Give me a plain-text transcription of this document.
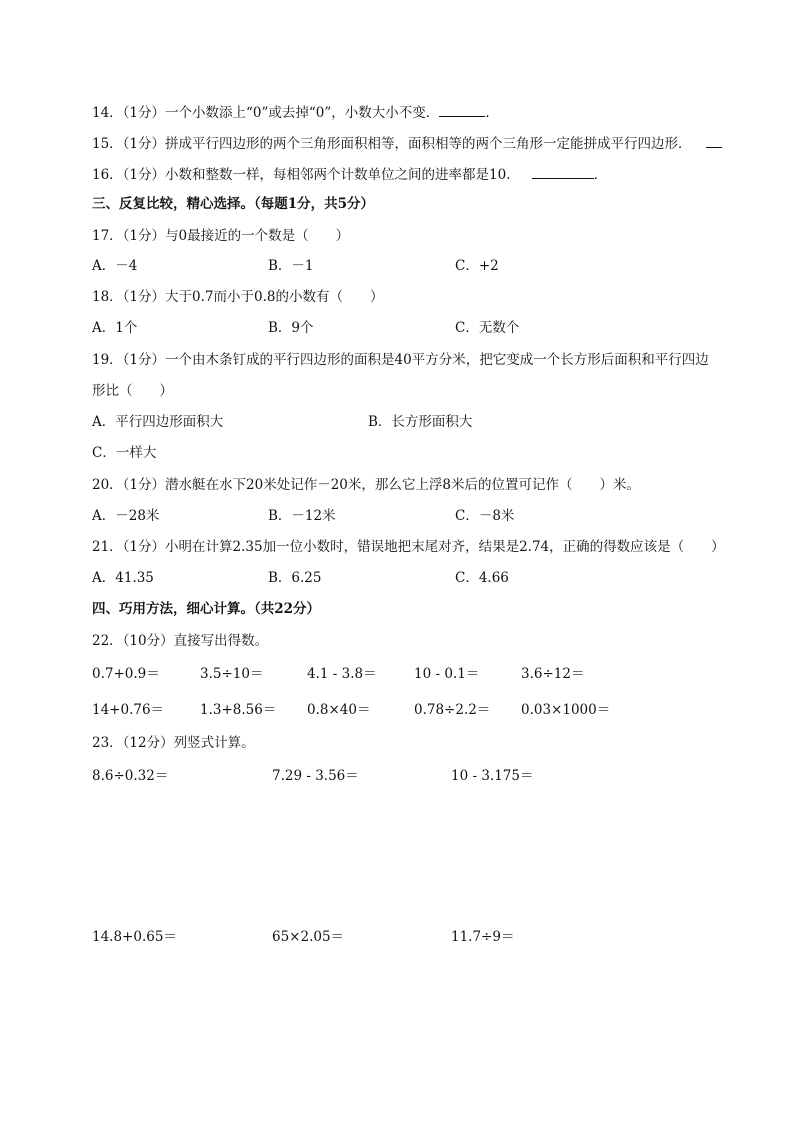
14．（1分）一个小数添上“0”或去掉“0”，小数大小不变．	．
15．（1分）拼成平行四边形的两个三角形面积相等，面积相等的两个三角形一定能拼成平行四边形．
16．（1分）小数和整数一样，每相邻两个计数单位之间的进率都是10．	．
三、反复比较，精心选择。（每题1分，共5分）
17．（1分）与0最接近的一个数是（　　）
A．－4	B．－1	C．+2
18．（1分）大于0.7而小于0.8的小数有（　　）
A．1个	B．9个	C．无数个
19．（1分）一个由木条钉成的平行四边形的面积是40平方分米，把它变成一个长方形后面积和平行四边
形比（　　）
A．平行四边形面积大	B．长方形面积大
C．一样大
20．（1分）潜水艇在水下20米处记作－20米，那么它上浮8米后的位置可记作（　　）米。
A．－28米	B．－12米	C．－8米
21．（1分）小明在计算2.35加一位小数时，错误地把末尾对齐，结果是2.74，正确的得数应该是（　　）
A．41.35	B．6.25	C．4.66
四、巧用方法，细心计算。（共22分）
22．（10分）直接写出得数。
0.7+0.9＝	3.5÷10＝	4.1 - 3.8＝	10 - 0.1＝	3.6÷12＝
14+0.76＝	1.3+8.56＝ 0.8×40＝	0.78÷2.2＝ 0.03×1000＝
23．（12分）列竖式计算。
8.6÷0.32＝	7.29 - 3.56＝	10 - 3.175＝
14.8+0.65＝	65×2.05＝	11.7÷9＝
